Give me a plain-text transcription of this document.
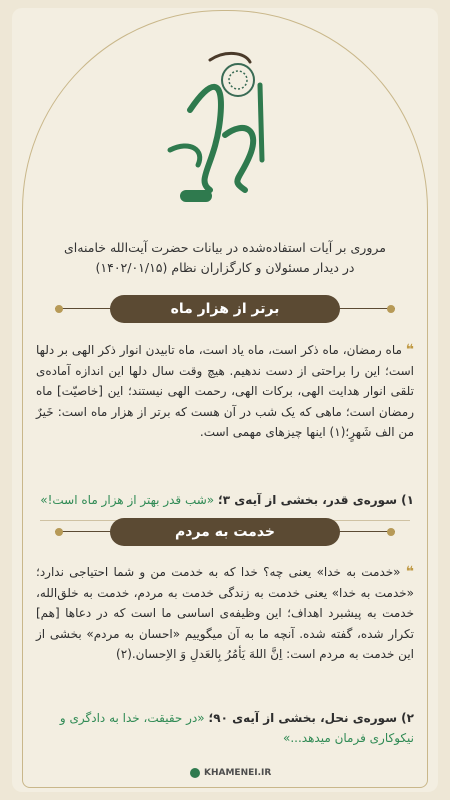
مروری بر آیات استفاده‌شده در بیانات حضرت آیت‌الله خامنه‌ای
در دیدار مسئولان و کارگزاران نظام (۱۴۰۲/۰۱/۱۵)
برتر از هزار ماه
❝ ماه رمضان، ماه ذکر است، ماه یاد است، ماه تابیدن انوار ذکر الهی بر دلها است؛ این را براحتی از دست ندهیم. هیچ وقت سال دلها این اندازه آماده‌ی تلقی انوار هدایت الهی، برکات الهی، رحمت الهی نیستند؛ این [خاصیّت] ماه رمضان است؛ ماهی که یک شب در آن هست که برتر از هزار ماه است: خَیرٌ من الف شَهرٍ؛(۱) اینها چیزهای مهمی است.
۱) سوره‌ی قدر، بخشی از آیه‌ی ۳؛ «شب قدر بهتر از هزار ماه است!»
خدمت به مردم
❝ «خدمت به خدا» یعنی چه؟ خدا که به خدمت من و شما احتیاجی ندارد؛ «خدمت به خدا» یعنی خدمت به زندگی خدمت به مردم، خدمت به خلق‌الله، خدمت به پیشبرد اهداف؛ این وظیفه‌ی اساسی ما است که در دعاها [هم] تکرار شده، گفته شده. آنچه ما به آن میگوییم «احسان به مردم» بخشی از این خدمت به مردم است: اِنَّ اللهَ یَأمُرُ بِالعَدلِ وَ الاِحسان.(۲)
۲) سوره‌ی نحل، بخشی از آیه‌ی ۹۰؛ «در حقیقت، خدا به دادگری و نیکوکاری فرمان میدهد...»
KHAMENEI.IR
